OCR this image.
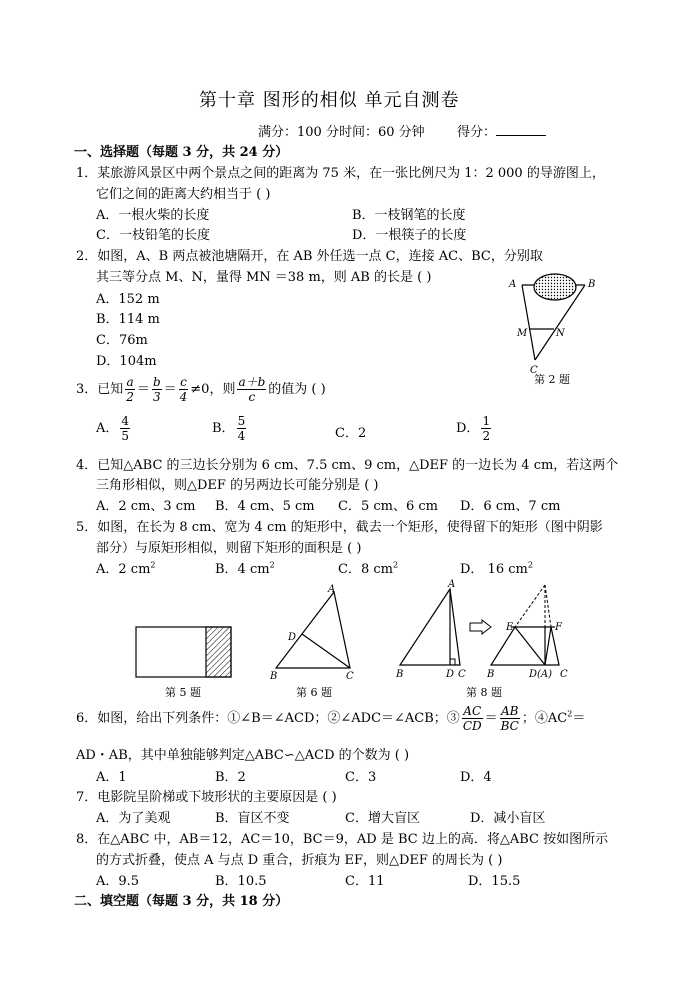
第十章 图形的相似 单元自测卷
满分：100 分时间：60 分钟 得分：
一、选择题（每题 3 分，共 24 分）
1．某旅游风景区中两个景点之间的距离为 75 米，在一张比例尺为 1：2 000 的导游图上，
它们之间的距离大约相当于 ( )
A．一根火柴的长度	B．一枝钢笔的长度
C．一枝铅笔的长度	D．一根筷子的长度
2．如图，A、B 两点被池塘隔开，在 AB 外任选一点 C，连接 AC、BC，分别取
其三等分点 M、N，量得 MN ＝38 m，则 AB 的长是 ( )
A．152 m
B．114 m
C．76m
D．104m
A	B
M	N
C
第 2 题
3．已知 $\frac{a}{2} = \frac{b}{3} = \frac{c}{4} \ne 0$，则 $\frac{a+b}{c}$ 的值为 ( )
A． $\frac{4}{5}$	B． $\frac{5}{4}$	C．2	D． $\frac{1}{2}$
4．已知△ABC 的三边长分别为 6 cm、7.5 cm、9 cm，△DEF 的一边长为 4 cm，若这两个
三角形相似，则△DEF 的另两边长可能分别是 ( )
A．2 cm、3 cm B．4 cm、5 cm C．5 cm、6 cm D．6 cm、7 cm
5．如图，在长为 8 cm、宽为 4 cm 的矩形中，截去一个矩形，使得留下的矩形（图中阴影
部分）与原矩形相似，则留下矩形的面积是 ( )
A．2 $cm^2$	B．4 $cm^2$	C．8 $cm^2$	D． 16 $cm^2$
第 5 题
A
D
B	C
第 6 题
A
B	D C
E	F
B	D(A) C
第 8 题
6．如图，给出下列条件：①∠B＝∠ACD；②∠ADC＝∠ACB；③ $\frac{AC}{CD} = \frac{AB}{BC}$ ；$④AC^2=$
AD・AB，其中单独能够判定△ABC∽△ACD 的个数为 ( )
A．1	B．2	C．3	D．4
7．电影院呈阶梯或下坡形状的主要原因是 ( )
A．为了美观	B．盲区不变	C．增大盲区	D．减小盲区
8．在△ABC 中，AB＝12，AC＝10，BC＝9，AD 是 BC 边上的高．将△ABC 按如图所示
的方式折叠，使点 A 与点 D 重合，折痕为 EF，则△DEF 的周长为 ( )
A．9.5	B．10.5	C．11	D．15.5
二、填空题（每题 3 分，共 18 分）
